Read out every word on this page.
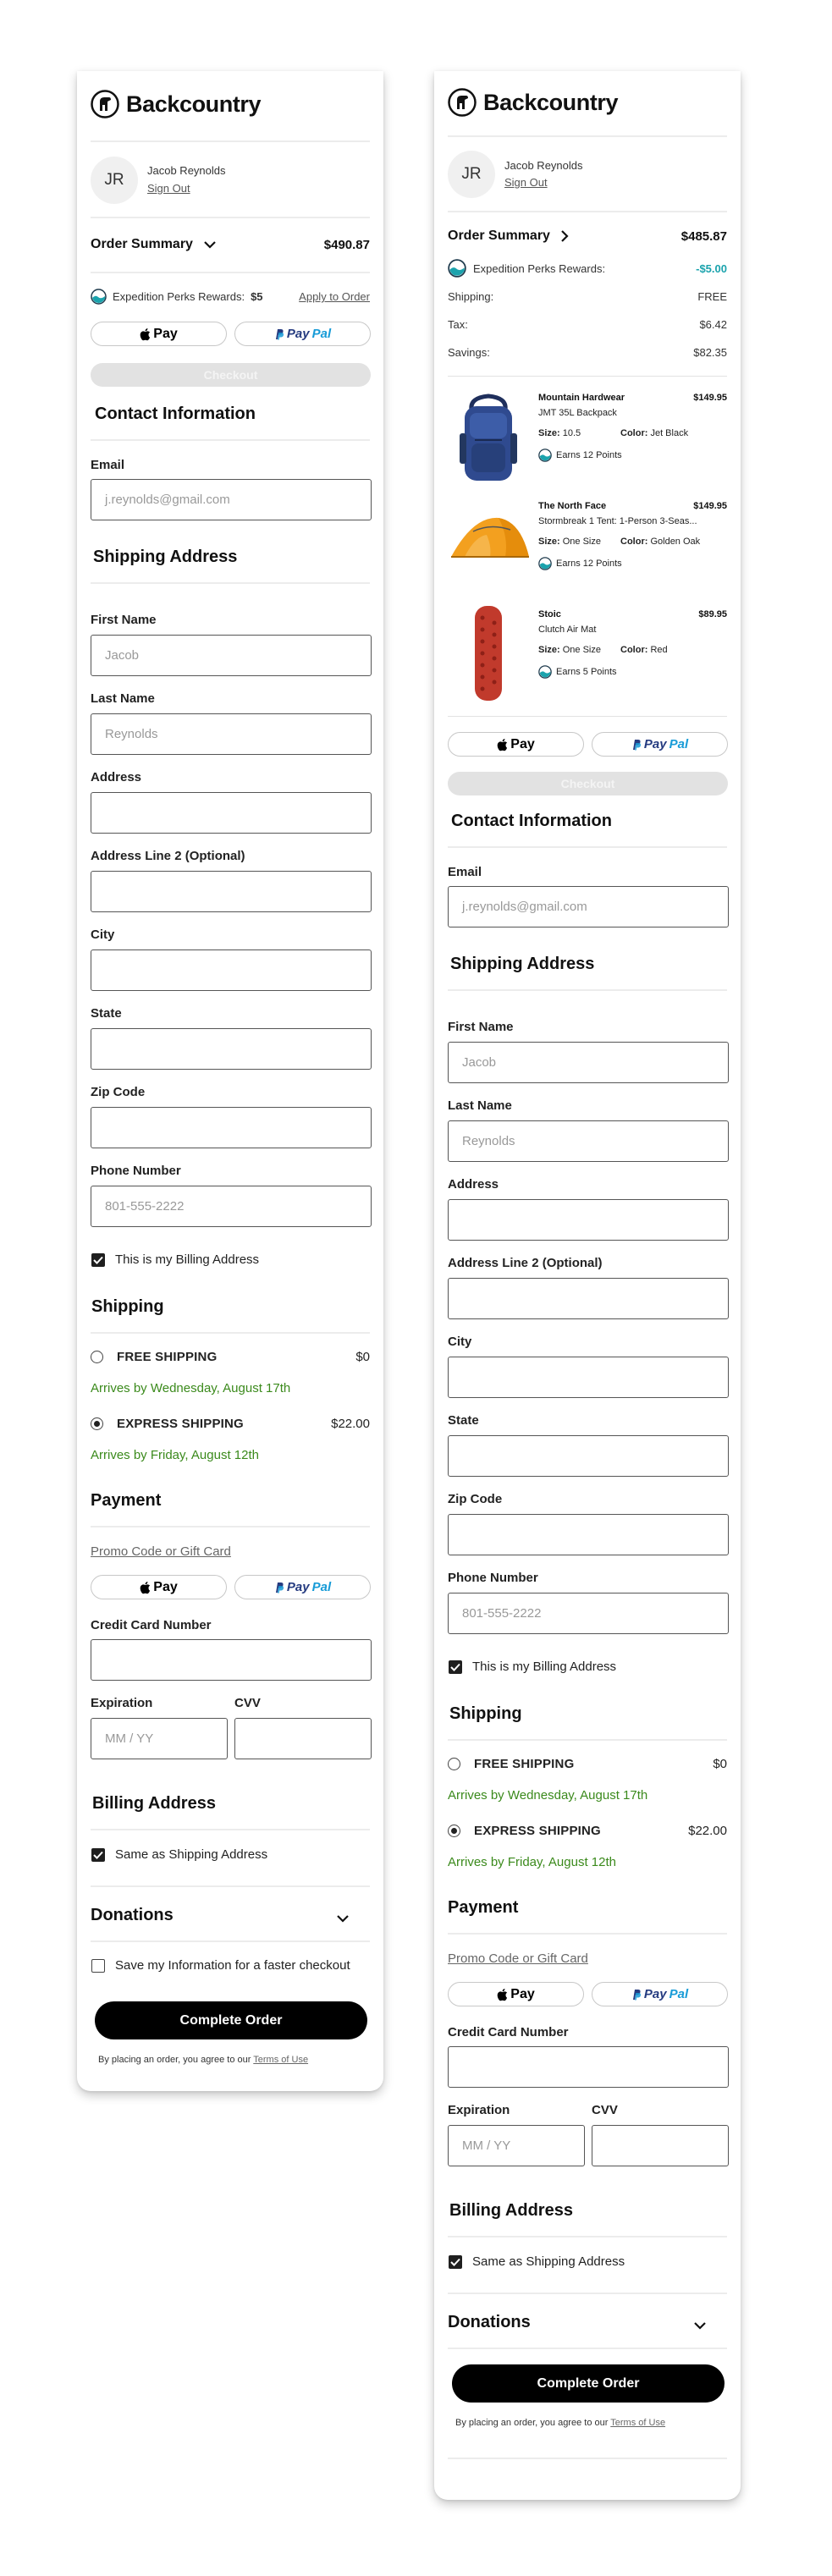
Backcountry
JR
Jacob Reynolds
Sign Out
Order Summary	$490.87
Expedition Perks Rewards: $5	Apply to Order
Pay	Pay Pal
Checkout
Contact Information
Email
j.reynolds@gmail.com
Shipping Address
First Name
Jacob
Last Name
Reynolds
Address
Address Line 2 (Optional)
City
State
Zip Code
Phone Number
801-555-2222
This is my Billing Address
Shipping
FREE SHIPPING	$0
Arrives by Wednesday, August 17th
EXPRESS SHIPPING	$22.00
Arrives by Friday, August 12th
Payment
Promo Code or Gift Card
Pay	Pay Pal
Credit Card Number
Expiration
MM / YY
CVV
Billing Address
Same as Shipping Address
Donations
Save my Information for a faster checkout
Complete Order
By placing an order, you agree to our Terms of Use
Backcountry
JR	Jacob Reynolds
Sign Out
Order Summary	$485.87
Expedition Perks Rewards:	-$5.00
Shipping:	FREE
Tax:	$6.42
Savings:	$82.35
Mountain Hardwear	$149.95
JMT 35L Backpack
Size: 10.5	Color: Jet Black
Earns 12 Points
The North Face	$149.95
Stormbreak 1 Tent: 1-Person 3-Seas...
Size: One Size Color: Golden Oak
Earns 12 Points
Stoic	$89.95
Clutch Air Mat
Size: One Size Color: Red
Earns 5 Points
Pay	Pay Pal
Checkout
Contact Information
Email
j.reynolds@gmail.com
Shipping Address
First Name
Jacob
Last Name
Reynolds
Address
Address Line 2 (Optional)
City
State
Zip Code
Phone Number
801-555-2222
This is my Billing Address
Shipping
FREE SHIPPING	$0
Arrives by Wednesday, August 17th
EXPRESS SHIPPING	$22.00
Arrives by Friday, August 12th
Payment
Promo Code or Gift Card
Pay	Pay Pal
Credit Card Number
Expiration
MM / YY
CVV
Billing Address
Same as Shipping Address
Donations
Complete Order
By placing an order, you agree to our Terms of Use
